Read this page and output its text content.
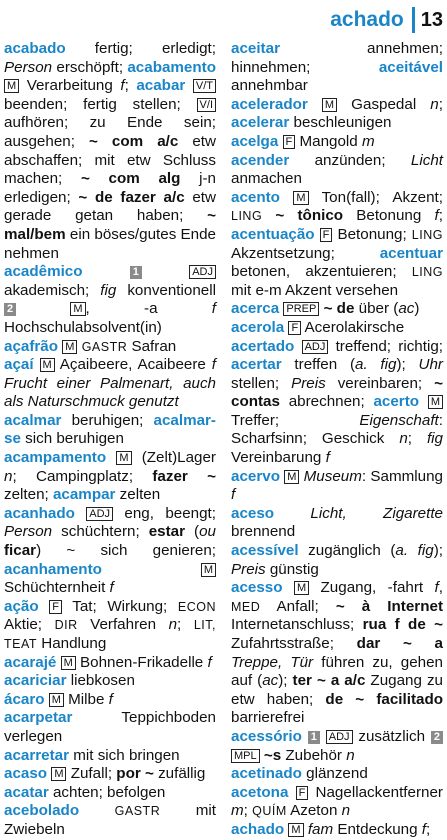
achado 13

acabado fertig; erledigt; Person erschöpft; acabamento M Verarbeitung f; acabar V/T beenden; fertig stellen; V/I aufhören; zu Ende sein; ausgehen; ~ com a/c etw abschaffen; mit etw Schluss machen; ~ com alg j-n erledigen; ~ de fazer a/c etw gerade getan haben; ~ mal/bem ein böses/gutes Ende nehmen

acadêmico	1	ADJ akademisch; fig konventionell 2	M , -a f Hochschulabsolvent(in)

açafrão M GASTR Safran

açaí M Açaibeere, Acaibeere f Frucht einer Palmenart, auch als Naturschmuck genutzt

acalmar beruhigen; acalmar-se sich beruhigen

acampamento M (Zelt)Lager n; Campingplatz; fazer ~ zelten; acampar zelten

acanhado ADJ eng, beengt; Person schüchtern; estar (ou ficar) ~ sich genieren; acanhamento	M Schüchternheit f

ação F Tat; Wirkung; ECON Aktie; DIR Verfahren n; LIT, TEAT Handlung

acarajé M Bohnen-Frikadelle f

acariciar liebkosen

ácaro M Milbe f

acarpetar Teppichboden verlegen

acarretar mit sich bringen

acaso M Zufall; por ~ zufällig

acatar achten; befolgen

acebolado	GASTR mit Zwiebeln

aceitar annehmen; hinnehmen; aceitável annehmbar

acelerador M Gaspedal n; acelerar beschleunigen

acelga F Mangold m

acender anzünden; Licht anmachen

acento M Ton(fall); Akzent; LING ~ tônico Betonung f; acentuação F Betonung; LING Akzentsetzung; acentuar betonen, akzentuieren; LING mit e-m Akzent versehen

acerca PREP ~ de über (ac)

acerola F Acerolakirsche

acertado ADJ treffend; richtig; acertar treffen (a. fig); Uhr stellen; Preis vereinbaren; ~ contas abrechnen; acerto M Treffer; Eigenschaft: Scharfsinn; Geschick n; fig Vereinbarung f

acervo M Museum: Sammlung f

aceso Licht, Zigarette brennend

acessível zugänglich (a. fig); Preis günstig

acesso M Zugang, -fahrt f, MED Anfall; ~ à Internet Internetanschluss; rua f de ~ Zufahrtsstraße; dar ~ a Treppe, Tür führen zu, gehen auf (ac); ter ~ a a/c Zugang zu etw haben; de ~ facilitado barrierefrei

acessório 1 ADJ zusätzlich 2 MPL ~s Zubehör n

acetinado glänzend

acetona F Nagellackentferner m; QUÍM Azeton n

achado M fam Entdeckung f;
